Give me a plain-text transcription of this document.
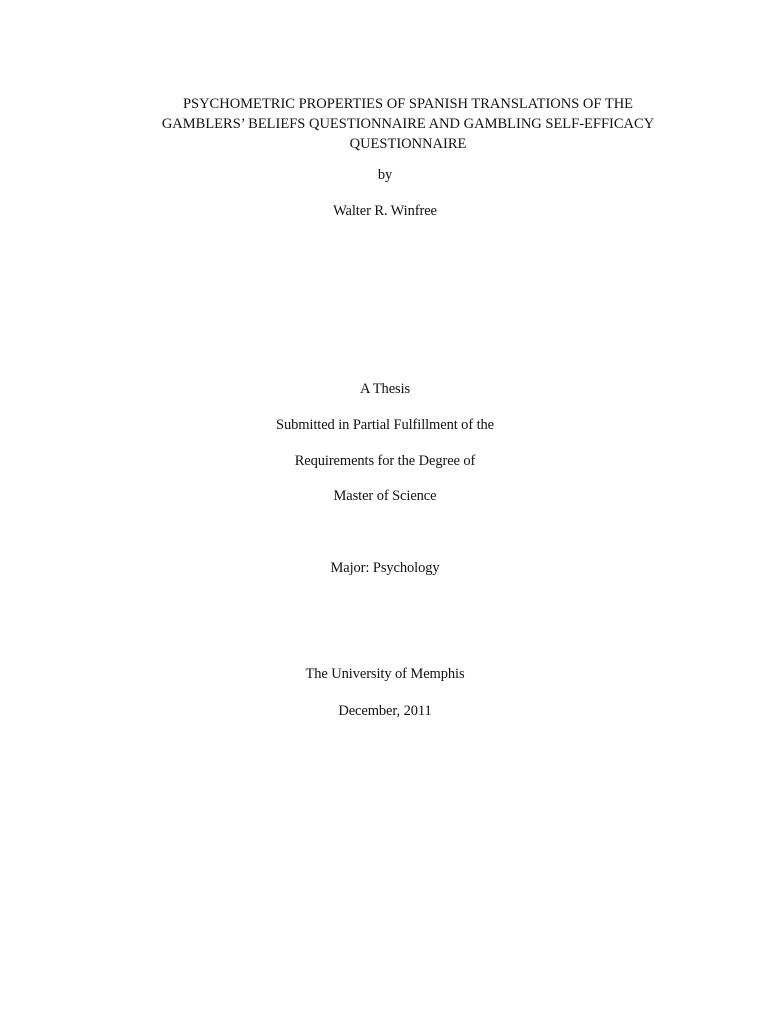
PSYCHOMETRIC PROPERTIES OF SPANISH TRANSLATIONS OF THE
GAMBLERS’ BELIEFS QUESTIONNAIRE AND GAMBLING SELF-EFFICACY
QUESTIONNAIRE
by
Walter R. Winfree
A Thesis
Submitted in Partial Fulfillment of the
Requirements for the Degree of
Master of Science
Major: Psychology
The University of Memphis
December, 2011
